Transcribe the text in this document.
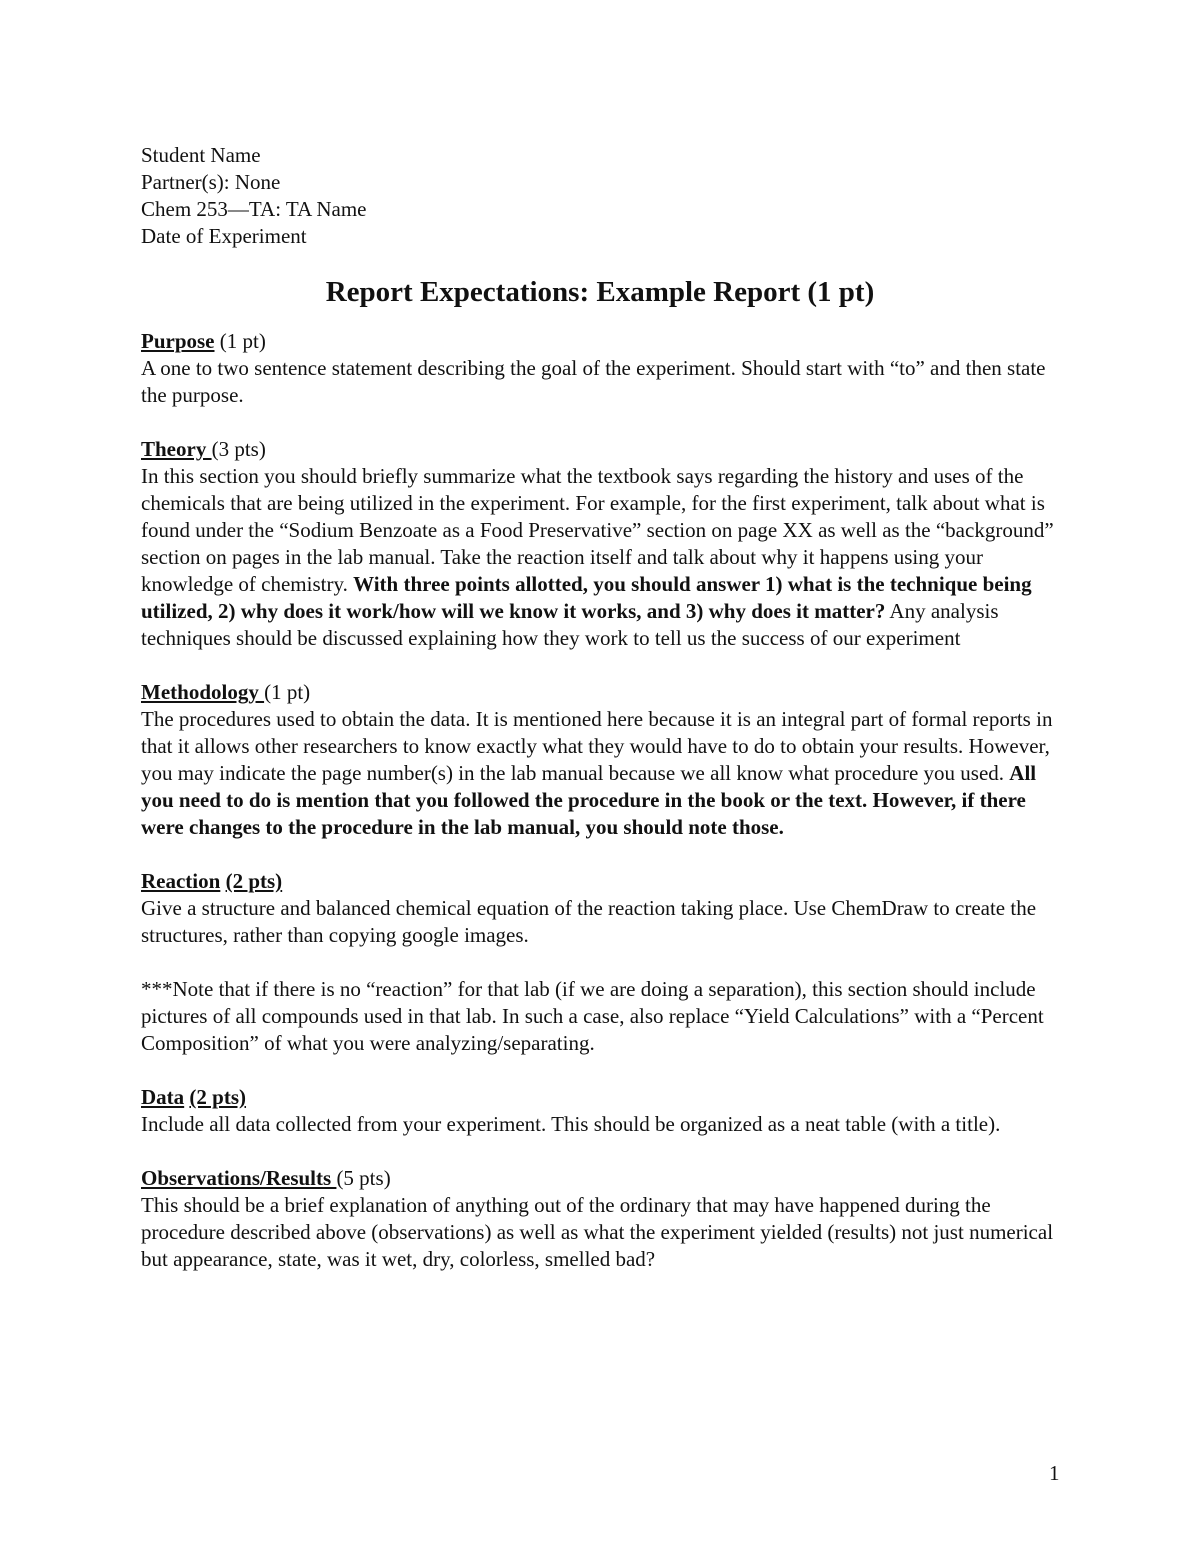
Student Name

Partner(s): None

Chem 253—TA: TA Name

Date of Experiment

Report Expectations: Example Report (1 pt)

Purpose (1 pt)

A one to two sentence statement describing the goal of the experiment. Should start with “to” and then state the purpose.

Theory (3 pts)

In this section you should briefly summarize what the textbook says regarding the history and uses of the chemicals that are being utilized in the experiment. For example, for the first experiment, talk about what is found under the “Sodium Benzoate as a Food Preservative” section on page XX as well as the “background” section on pages in the lab manual. Take the reaction itself and talk about why it happens using your knowledge of chemistry. With three points allotted, you should answer 1) what is the technique being utilized, 2) why does it work/how will we know it works, and 3) why does it matter? Any analysis techniques should be discussed explaining how they work to tell us the success of our experiment

Methodology (1 pt)

The procedures used to obtain the data. It is mentioned here because it is an integral part of formal reports in that it allows other researchers to know exactly what they would have to do to obtain your results. However, you may indicate the page number(s) in the lab manual because we all know what procedure you used. All you need to do is mention that you followed the procedure in the book or the text. However, if there were changes to the procedure in the lab manual, you should note those.

Reaction (2 pts)

Give a structure and balanced chemical equation of the reaction taking place. Use ChemDraw to create the structures, rather than copying google images.

***Note that if there is no “reaction” for that lab (if we are doing a separation), this section should include pictures of all compounds used in that lab. In such a case, also replace “Yield Calculations” with a “Percent Composition” of what you were analyzing/separating.

Data (2 pts)

Include all data collected from your experiment. This should be organized as a neat table (with a title).

Observations/Results (5 pts)

This should be a brief explanation of anything out of the ordinary that may have happened during the procedure described above (observations) as well as what the experiment yielded (results) not just numerical but appearance, state, was it wet, dry, colorless, smelled bad?

1
